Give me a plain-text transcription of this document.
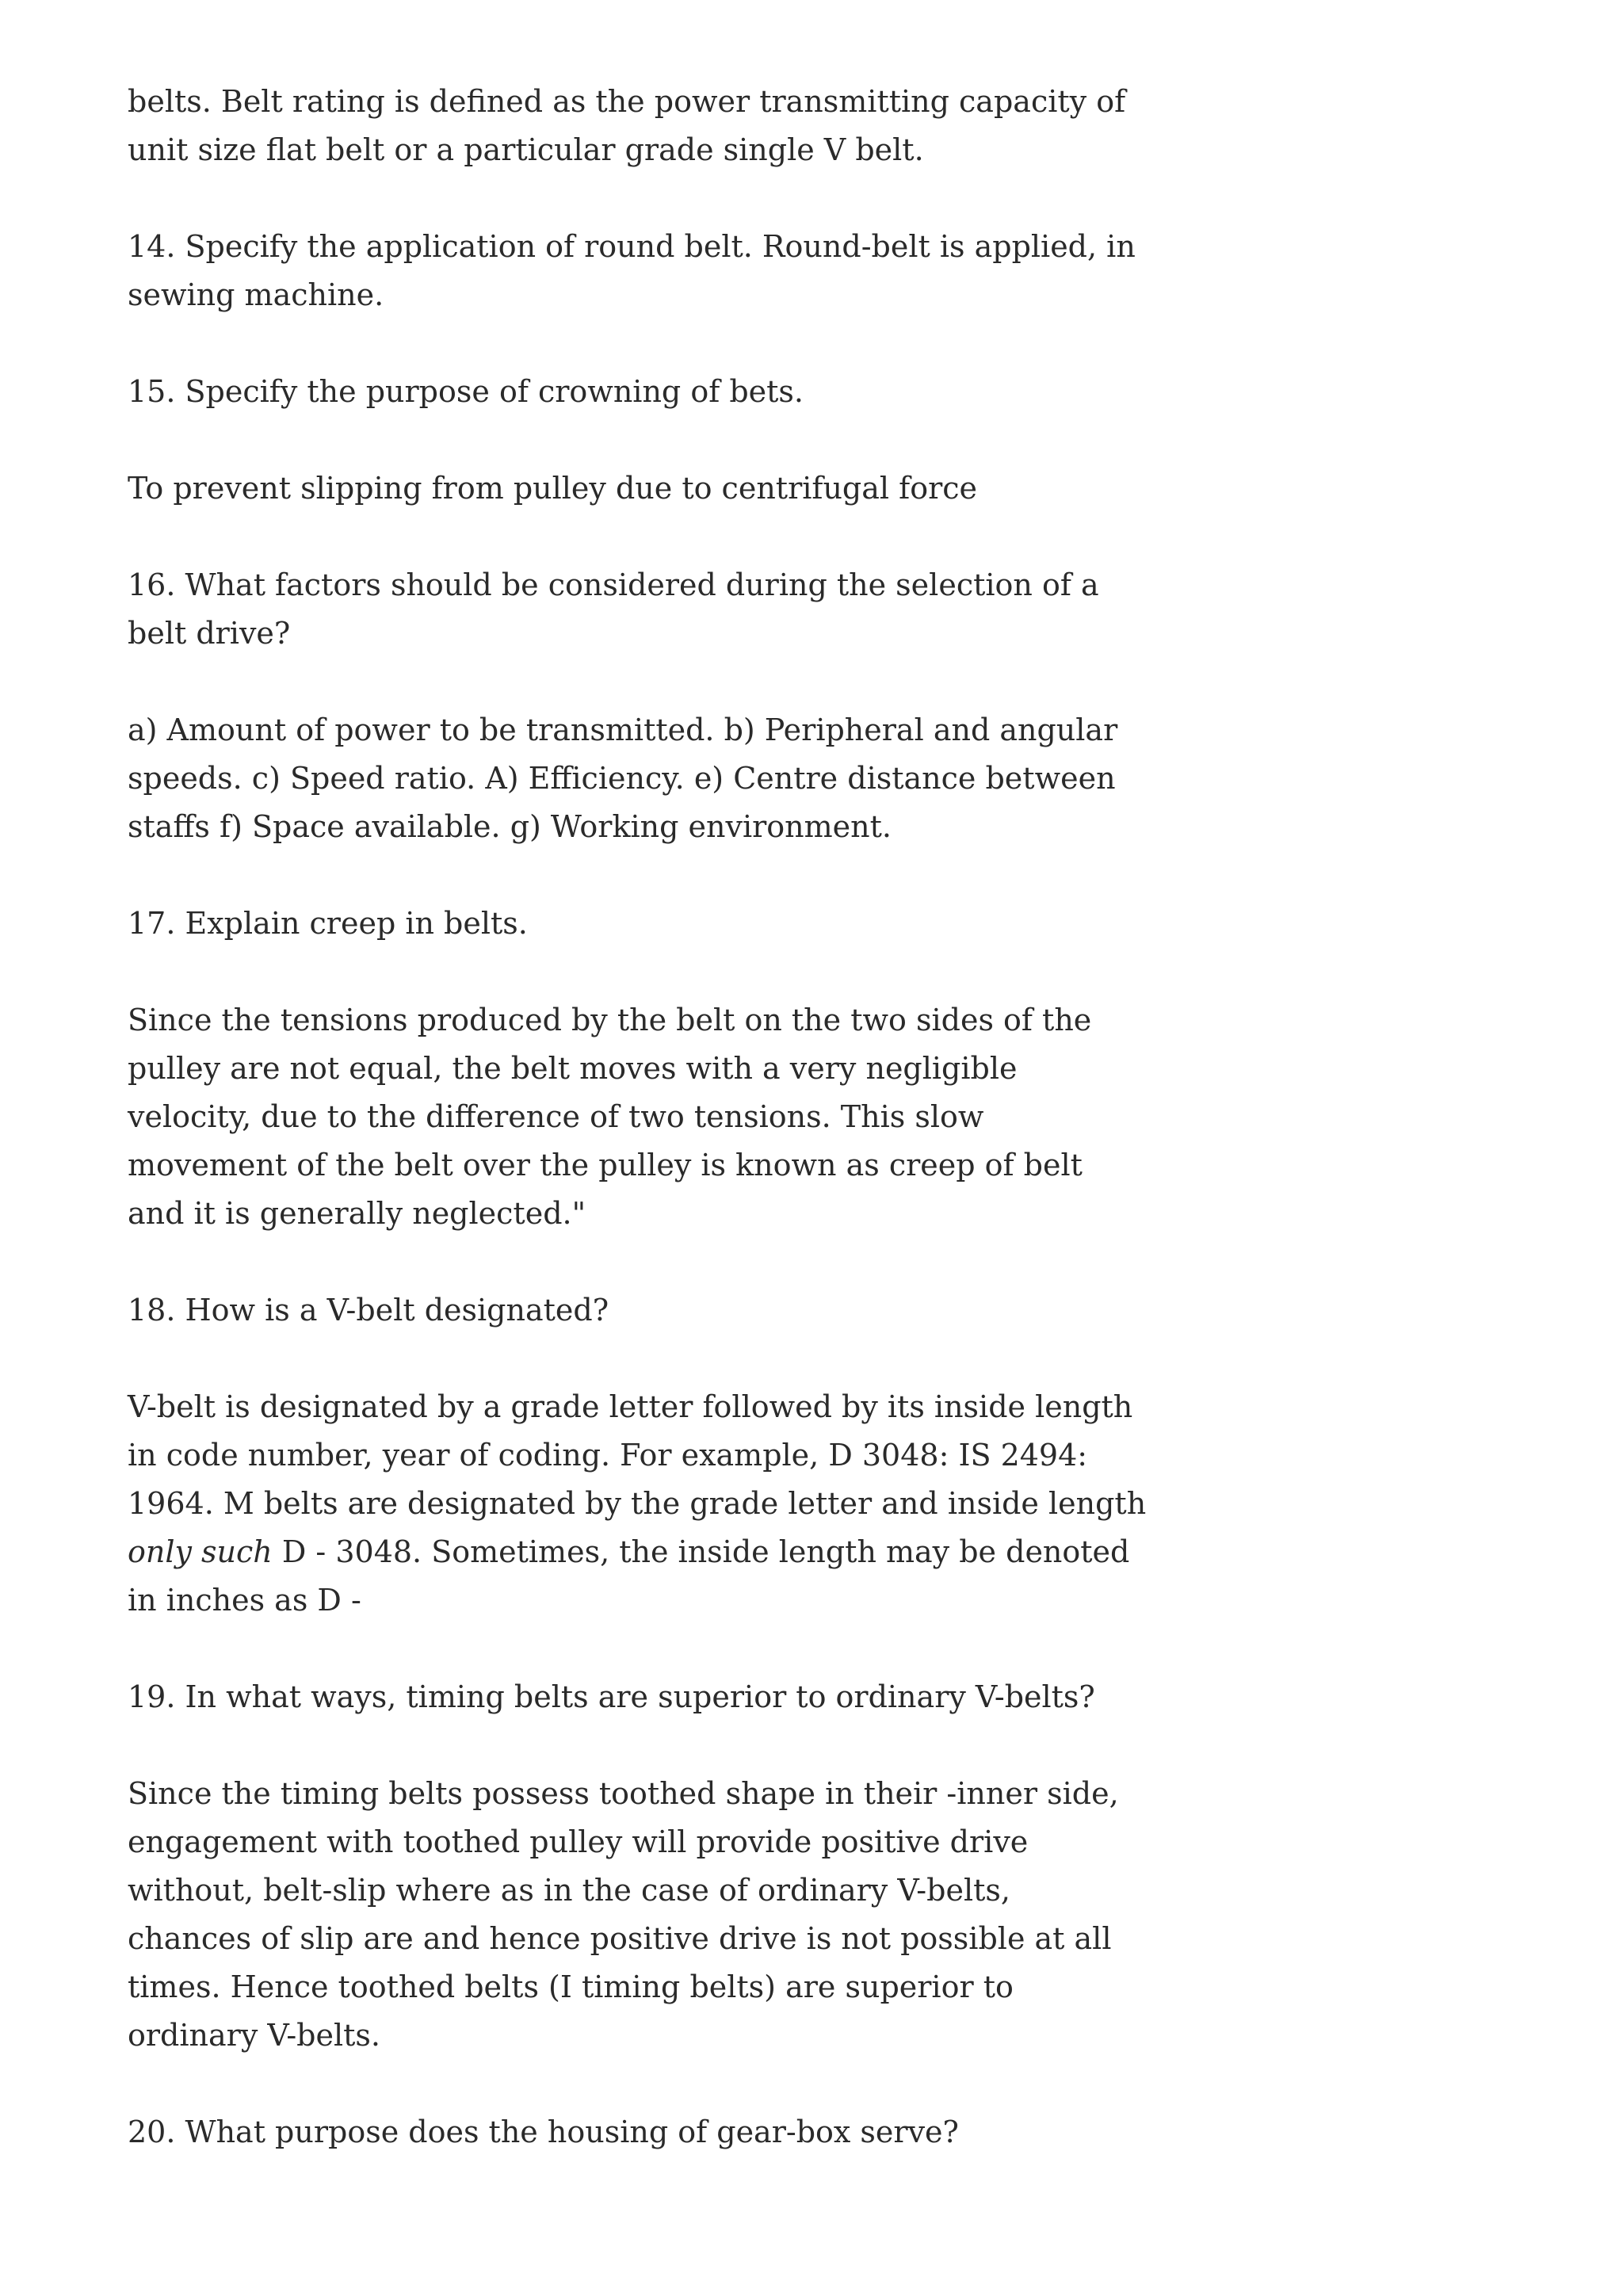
belts. Belt rating is defined as the power transmitting capacity of
unit size flat belt or a particular grade single V belt.

14. Specify the application of round belt. Round-belt is applied, in
sewing machine.

15. Specify the purpose of crowning of bets.

To prevent slipping from pulley due to centrifugal force

16. What factors should be considered during the selection of a
belt drive?

a) Amount of power to be transmitted. b) Peripheral and angular
speeds. c) Speed ratio. A) Efficiency. e) Centre distance between
staffs f) Space available. g) Working environment.

17. Explain creep in belts.

Since the tensions produced by the belt on the two sides of the
pulley are not equal, the belt moves with a very negligible
velocity, due to the difference of two tensions. This slow
movement of the belt over the pulley is known as creep of belt
and it is generally neglected."

18. How is a V-belt designated?

V-belt is designated by a grade letter followed by its inside length
in code number, year of coding. For example, D 3048: IS 2494:
1964. M belts are designated by the grade letter and inside length
only such D - 3048. Sometimes, the inside length may be denoted
in inches as D -

19. In what ways, timing belts are superior to ordinary V-belts?

Since the timing belts possess toothed shape in their -inner side,
engagement with toothed pulley will provide positive drive
without, belt-slip where as in the case of ordinary V-belts,
chances of slip are and hence positive drive is not possible at all
times. Hence toothed belts (I timing belts) are superior to
ordinary V-belts.

20. What purpose does the housing of gear-box serve?
